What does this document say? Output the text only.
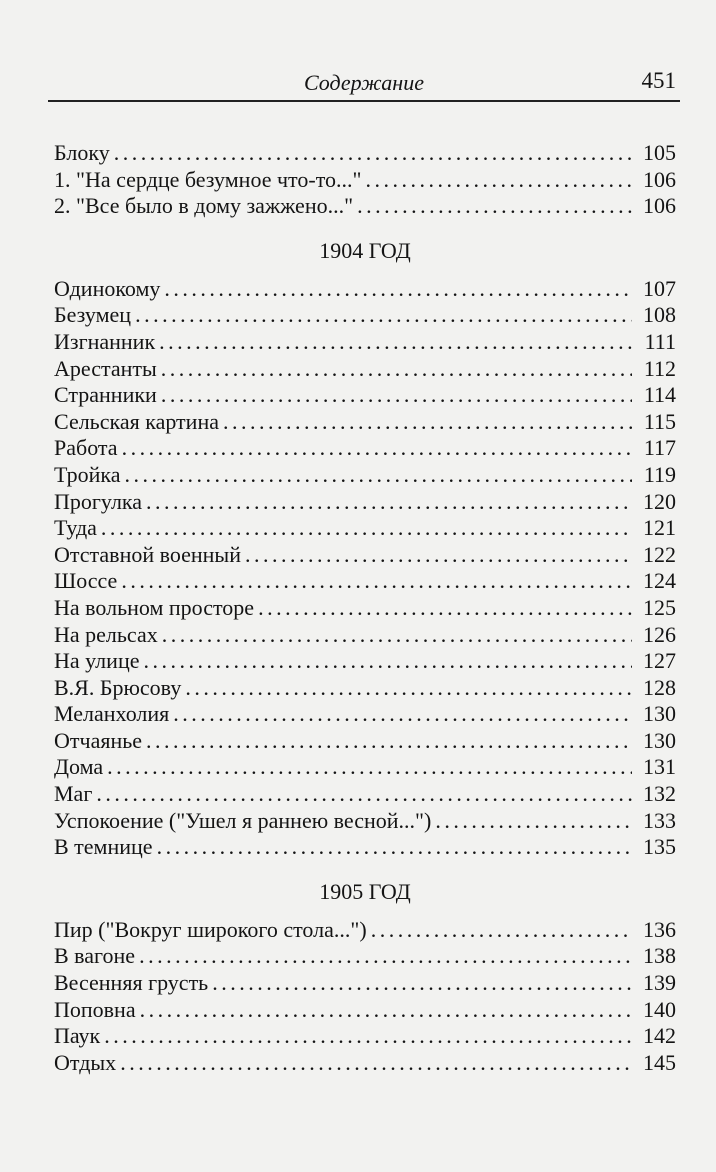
Содержание	451
Блоку . . .	105
1. "На сердце безумное что-то..." . . .	106
2. "Все было в дому зажжено..." . . .	106
1904 ГОД
Одинокому . . .	107
Безумец . . .	108
Изгнанник . . .	111
Арестанты . . .	112
Странники . . .	114
Сельская картина . . .	115
Работа . . .	117
Тройка . . .	119
Прогулка . . .	120
Туда . . .	121
Отставной военный . . .	122
Шоссе . . .	124
На вольном просторе . . .	125
На рельсах . . .	126
На улице . . .	127
В.Я. Брюсову . . .	128
Меланхолия . . .	130
Отчаянье . . .	130
Дома . . .	131
Маг . . .	132
Успокоение ("Ушел я раннею весной...") . . .	133
В темнице . . .	135
1905 ГОД
Пир ("Вокруг широкого стола...") . . .	136
В вагоне . . .	138
Весенняя грусть . . .	139
Поповна . . .	140
Паук . . .	142
Отдых . . .	145
